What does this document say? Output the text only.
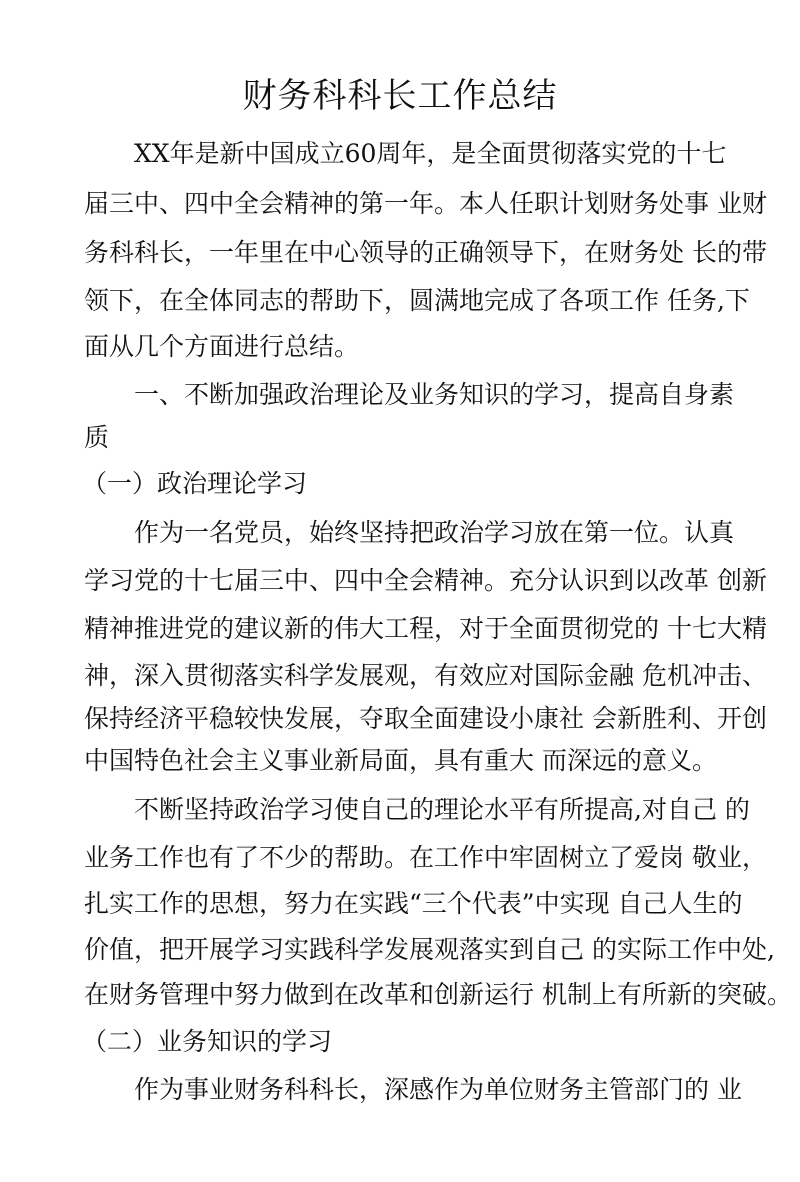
财务科科长工作总结

XX年是新中国成立60周年，是全面贯彻落实党的十七

届三中、四中全会精神的第一年。本人任职计划财务处事 业财

务科科长，一年里在中心领导的正确领导下，在财务处 长的带

领下，在全体同志的帮助下，圆满地完成了各项工作 任务,下

面从几个方面进行总结。

一、不断加强政治理论及业务知识的学习，提高自身素

质

（一）政治理论学习

作为一名党员，始终坚持把政治学习放在第一位。认真

学习党的十七届三中、四中全会精神。充分认识到以改革 创新

精神推进党的建议新的伟大工程，对于全面贯彻党的 十七大精

神，深入贯彻落实科学发展观，有效应对国际金融 危机冲击、

保持经济平稳较快发展，夺取全面建设小康社 会新胜利、开创

中国特色社会主义事业新局面，具有重大 而深远的意义。

不断坚持政治学习使自己的理论水平有所提高,对自己 的

业务工作也有了不少的帮助。在工作中牢固树立了爱岗 敬业，

扎实工作的思想，努力在实践“三个代表”中实现 自己人生的

价值，把开展学习实践科学发展观落实到自己 的实际工作中处,

在财务管理中努力做到在改革和创新运行 机制上有所新的突破。

（二）业务知识的学习

作为事业财务科科长，深感作为单位财务主管部门的 业
